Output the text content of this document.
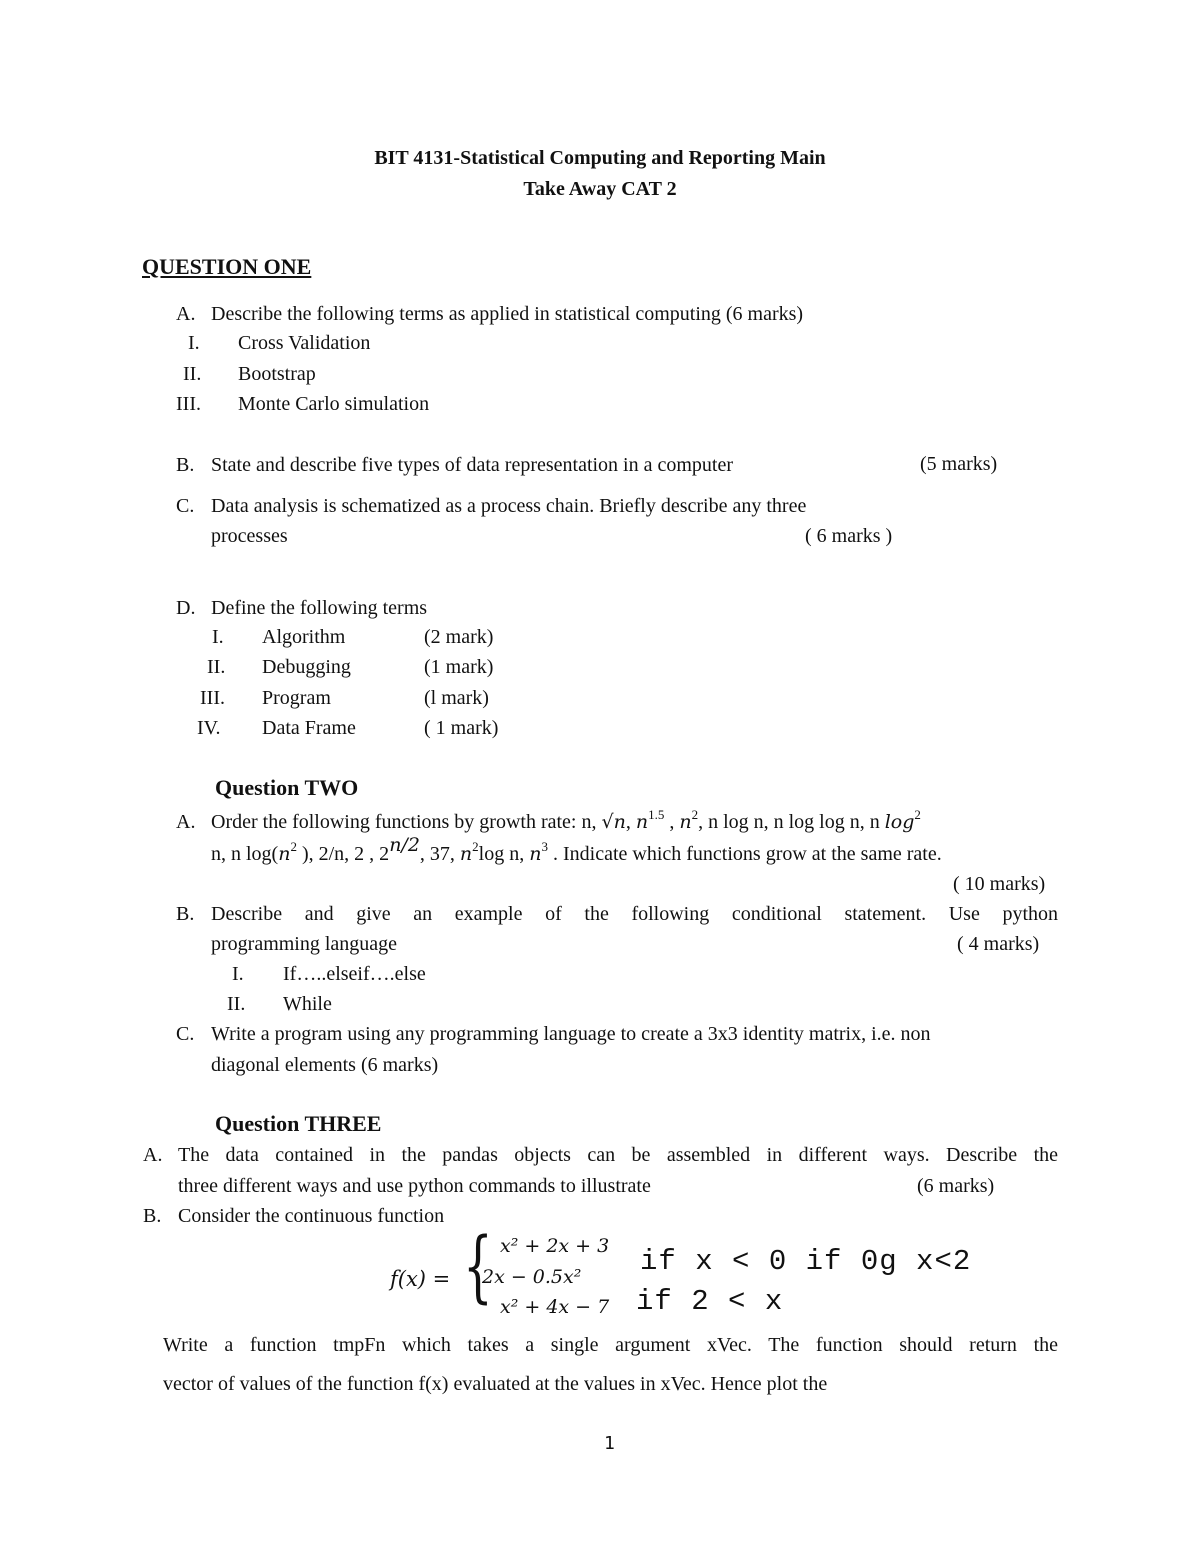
BIT 4131-Statistical Computing and Reporting Main
Take Away CAT 2
QUESTION ONE
A. Describe the following terms as applied in statistical computing (6 marks)
I. Cross Validation
II. Bootstrap
III. Monte Carlo simulation
B. State and describe five types of data representation in a computer	(5 marks)
C. Data analysis is schematized as a process chain. Briefly describe any three
processes	( 6 marks )
D. Define the following terms
I. Algorithm	(2 mark)
II. Debugging	(1 mark)
III. Program	(l mark)
IV. Data Frame	( 1 mark)
Question TWO
A. Order the following functions by growth rate: n, √n, $n^{1.5}$ , $n^2$, n log n, n log log n, n $\log^2$
n, n $\log(n^2$ ), 2/n, 2 , $2^{n/2}$, 37, $n^2\log$ n, $n^3$ . Indicate which functions grow at the same rate.
( 10 marks)
B. Describe and give an example of the following conditional statement. Use python
programming language	( 4 marks)
I. If…..elseif….else
II. While
C. Write a program using any programming language to create a 3x3 identity matrix, i.e. non
diagonal elements (6 marks)
Question THREE
A. The data contained in the pandas objects can be assembled in different ways. Describe the
three different ways and use python commands to illustrate	(6 marks)
B. Consider the continuous function
f(x) = { x² + 2x + 3
2x − 0.5x²
x² + 4x − 7
if x < 0 if 0g x<2
if 2 < x
Write a function tmpFn which takes a single argument xVec. The function should return the
vector of values of the function f(x) evaluated at the values in xVec. Hence plot the
1
